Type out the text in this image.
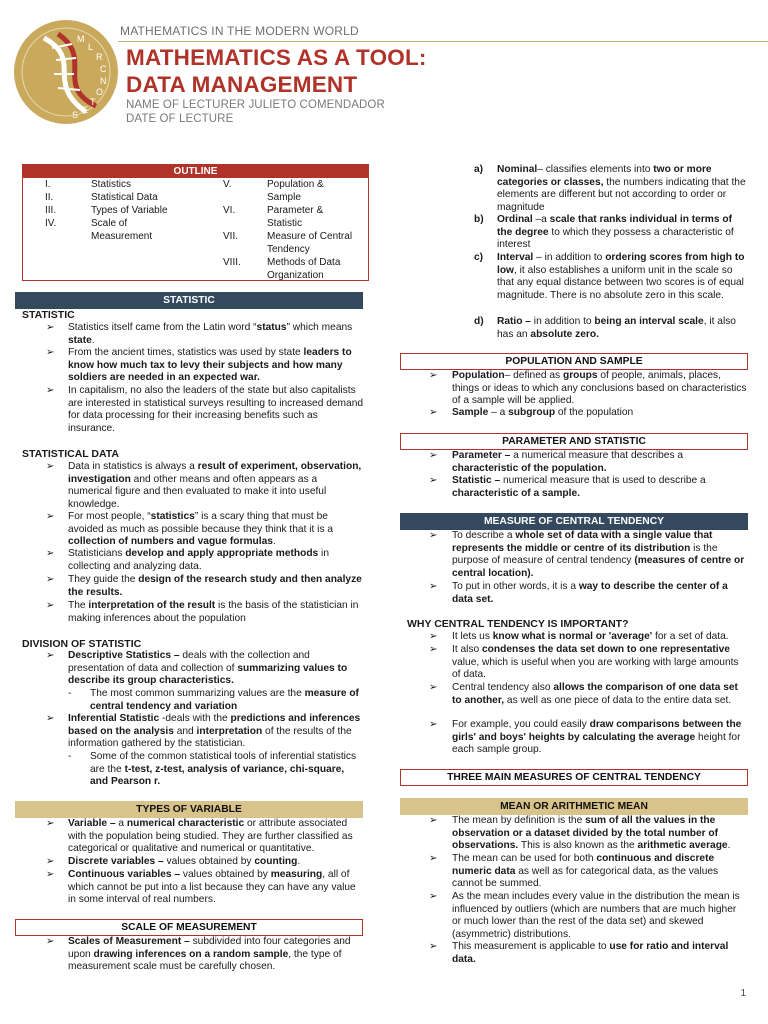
M
L
R
C
N
O
T
E
S
MATHEMATICS IN THE MODERN WORLD
MATHEMATICS AS A TOOL:
DATA MANAGEMENT
NAME OF LECTURER JULIETO COMENDADOR
DATE OF LECTURE
OUTLINE
I.	Statistics
II.	Statistical Data
III.	Types of Variable
IV.	Scale of Measurement
V.	Population & Sample
VI.	Parameter & Statistic
VII.	Measure of Central Tendency
VIII.	Methods of Data Organization
STATISTIC
STATISTIC
➢ Statistics itself came from the Latin word “status” which means state.
➢ From the ancient times, statistics was used by state leaders to know how much tax to levy their subjects and how many soldiers are needed in an expected war.
➢ In capitalism, no also the leaders of the state but also capitalists are interested in statistical surveys resulting to increased demand for data processing for their increasing benefits such as insurance.
STATISTICAL DATA
➢ Data in statistics is always a result of experiment, observation, investigation and other means and often appears as a numerical figure and then evaluated to make it into useful knowledge.
➢ For most people, “statistics” is a scary thing that must be avoided as much as possible because they think that it is a collection of numbers and vague formulas.
➢ Statisticians develop and apply appropriate methods in collecting and analyzing data.
➢ They guide the design of the research study and then analyze the results.
➢ The interpretation of the result is the basis of the statistician in making inferences about the population
DIVISION OF STATISTIC
➢ Descriptive Statistics – deals with the collection and presentation of data and collection of summarizing values to describe its group characteristics.
- The most common summarizing values are the measure of central tendency and variation
➢ Inferential Statistic -deals with the predictions and inferences based on the analysis and interpretation of the results of the information gathered by the statistician.
- Some of the common statistical tools of inferential statistics are the t-test, z-test, analysis of variance, chi-square, and Pearson r.
TYPES OF VARIABLE
➢ Variable – a numerical characteristic or attribute associated with the population being studied. They are further classified as categorical or qualitative and numerical or quantitative.
➢ Discrete variables – values obtained by counting.
➢ Continuous variables – values obtained by measuring, all of which cannot be put into a list because they can have any value in some interval of real numbers.
SCALE OF MEASUREMENT
➢ Scales of Measurement – subdivided into four categories and upon drawing inferences on a random sample, the type of measurement scale must be carefully chosen.
a) Nominal– classifies elements into two or more categories or classes, the numbers indicating that the elements are different but not according to order or magnitude
b) Ordinal –a scale that ranks individual in terms of the degree to which they possess a characteristic of interest
c) Interval – in addition to ordering scores from high to low, it also establishes a uniform unit in the scale so that any equal distance between two scores is of equal magnitude. There is no absolute zero in this scale.
d) Ratio – in addition to being an interval scale, it also has an absolute zero.
POPULATION AND SAMPLE
➢ Population– defined as groups of people, animals, places, things or ideas to which any conclusions based on characteristics of a sample will be applied.
➢ Sample – a subgroup of the population
PARAMETER AND STATISTIC
➢ Parameter – a numerical measure that describes a characteristic of the population.
➢ Statistic – numerical measure that is used to describe a characteristic of a sample.
MEASURE OF CENTRAL TENDENCY
➢ To describe a whole set of data with a single value that represents the middle or centre of its distribution is the purpose of measure of central tendency (measures of centre or central location).
➢ To put in other words, it is a way to describe the center of a data set.
WHY CENTRAL TENDENCY IS IMPORTANT?
➢ It lets us know what is normal or 'average' for a set of data.
➢ It also condenses the data set down to one representative value, which is useful when you are working with large amounts of data.
➢ Central tendency also allows the comparison of one data set to another, as well as one piece of data to the entire data set.
➢ For example, you could easily draw comparisons between the girls' and boys' heights by calculating the average height for each sample group.
THREE MAIN MEASURES OF CENTRAL TENDENCY
MEAN OR ARITHMETIC MEAN
➢ The mean by definition is the sum of all the values in the observation or a dataset divided by the total number of observations. This is also known as the arithmetic average.
➢ The mean can be used for both continuous and discrete numeric data as well as for categorical data, as the values cannot be summed.
➢ As the mean includes every value in the distribution the mean is influenced by outliers (which are numbers that are much higher or much lower than the rest of the data set) and skewed (asymmetric) distributions.
➢ This measurement is applicable to use for ratio and interval data.
1
